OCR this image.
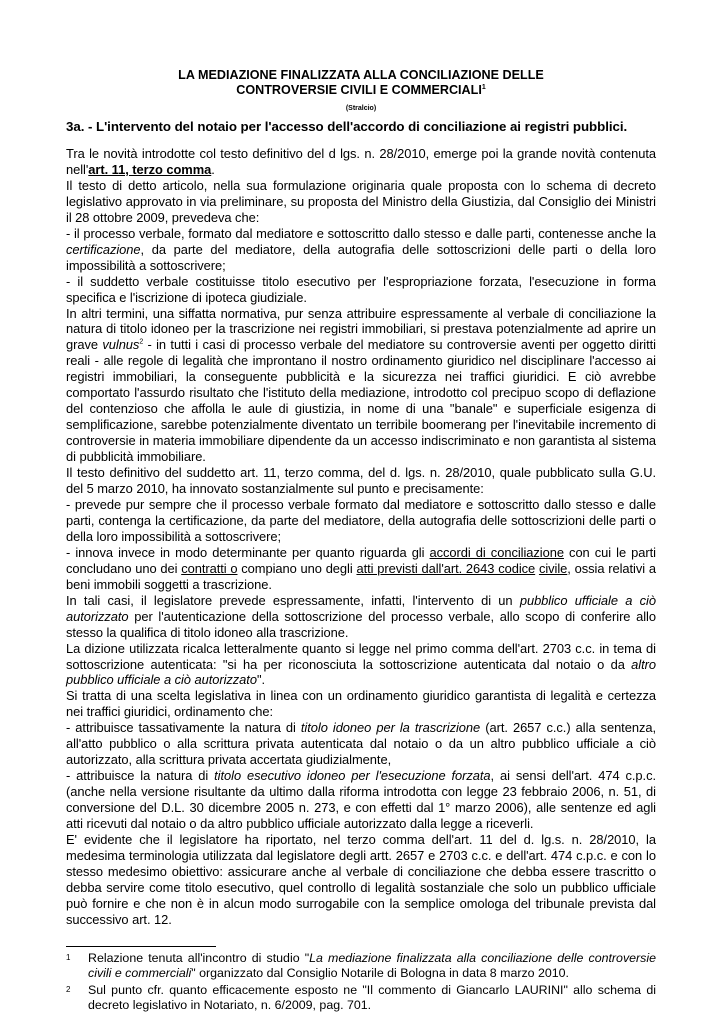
LA MEDIAZIONE FINALIZZATA ALLA CONCILIAZIONE DELLE
CONTROVERSIE CIVILI E COMMERCIALI$^1$
(Stralcio)
3a. - L'intervento del notaio per l'accesso dell'accordo di conciliazione ai registri pubblici.

Tra le novità introdotte col testo definitivo del d lgs. n. 28/2010, emerge poi la grande novità contenuta nell'art. 11, terzo comma.

Il testo di detto articolo, nella sua formulazione originaria quale proposta con lo schema di decreto legislativo approvato in via preliminare, su proposta del Ministro della Giustizia, dal Consiglio dei Ministri il 28 ottobre 2009, prevedeva che:

- il processo verbale, formato dal mediatore e sottoscritto dallo stesso e dalle parti, contenesse anche la certificazione, da parte del mediatore, della autografia delle sottoscrizioni delle parti o della loro impossibilità a sottoscrivere;

- il suddetto verbale costituisse titolo esecutivo per l'espropriazione forzata, l'esecuzione in forma specifica e l'iscrizione di ipoteca giudiziale.

In altri termini, una siffatta normativa, pur senza attribuire espressamente al verbale di conciliazione la natura di titolo idoneo per la trascrizione nei registri immobiliari, si prestava potenzialmente ad aprire un grave vulnus$^2$ - in tutti i casi di processo verbale del mediatore su controversie aventi per oggetto diritti reali - alle regole di legalità che improntano il nostro ordinamento giuridico nel disciplinare l'accesso ai registri immobiliari, la conseguente pubblicità e la sicurezza nei traffici giuridici. E ciò avrebbe comportato l'assurdo risultato che l'istituto della mediazione, introdotto col precipuo scopo di deflazione del contenzioso che affolla le aule di giustizia, in nome di una "banale" e superficiale esigenza di semplificazione, sarebbe potenzialmente diventato un terribile boomerang per l'inevitabile incremento di controversie in materia immobiliare dipendente da un accesso indiscriminato e non garantista al sistema di pubblicità immobiliare.

Il testo definitivo del suddetto art. 11, terzo comma, del d. lgs. n. 28/2010, quale pubblicato sulla G.U. del 5 marzo 2010, ha innovato sostanzialmente sul punto e precisamente:

- prevede pur sempre che il processo verbale formato dal mediatore e sottoscritto dallo stesso e dalle parti, contenga la certificazione, da parte del mediatore, della autografia delle sottoscrizioni delle parti o della loro impossibilità a sottoscrivere;

- innova invece in modo determinante per quanto riguarda gli accordi di conciliazione con cui le parti concludano uno dei contratti o compiano uno degli atti previsti dall'art. 2643 codice civile, ossia relativi a beni immobili soggetti a trascrizione.

In tali casi, il legislatore prevede espressamente, infatti, l'intervento di un pubblico ufficiale a ciò autorizzato per l'autenticazione della sottoscrizione del processo verbale, allo scopo di conferire allo stesso la qualifica di titolo idoneo alla trascrizione.

La dizione utilizzata ricalca letteralmente quanto si legge nel primo comma dell'art. 2703 c.c. in tema di sottoscrizione autenticata: "si ha per riconosciuta la sottoscrizione autenticata dal notaio o da altro pubblico ufficiale a ciò autorizzato".

Si tratta di una scelta legislativa in linea con un ordinamento giuridico garantista di legalità e certezza nei traffici giuridici, ordinamento che:

- attribuisce tassativamente la natura di titolo idoneo per la trascrizione (art. 2657 c.c.) alla sentenza, all'atto pubblico o alla scrittura privata autenticata dal notaio o da un altro pubblico ufficiale a ciò autorizzato, alla scrittura privata accertata giudizialmente,

- attribuisce la natura di titolo esecutivo idoneo per l'esecuzione forzata, ai sensi dell'art. 474 c.p.c. (anche nella versione risultante da ultimo dalla riforma introdotta con legge 23 febbraio 2006, n. 51, di conversione del D.L. 30 dicembre 2005 n. 273, e con effetti dal 1° marzo 2006), alle sentenze ed agli atti ricevuti dal notaio o da altro pubblico ufficiale autorizzato dalla legge a riceverli.

E' evidente che il legislatore ha riportato, nel terzo comma dell'art. 11 del d. lg.s. n. 28/2010, la medesima terminologia utilizzata dal legislatore degli artt. 2657 e 2703 c.c. e dell'art. 474 c.p.c. e con lo stesso medesimo obiettivo: assicurare anche al verbale di conciliazione che debba essere trascritto o debba servire come titolo esecutivo, quel controllo di legalità sostanziale che solo un pubblico ufficiale può fornire e che non è in alcun modo surrogabile con la semplice omologa del tribunale prevista dal successivo art. 12.

1	Relazione tenuta all'incontro di studio "La mediazione finalizzata alla conciliazione delle controversie civili e commerciali" organizzato dal Consiglio Notarile di Bologna in data 8 marzo 2010.
2	Sul punto cfr. quanto efficacemente esposto ne "Il commento di Giancarlo LAURINI" allo schema di decreto legislativo in Notariato, n. 6/2009, pag. 701.
